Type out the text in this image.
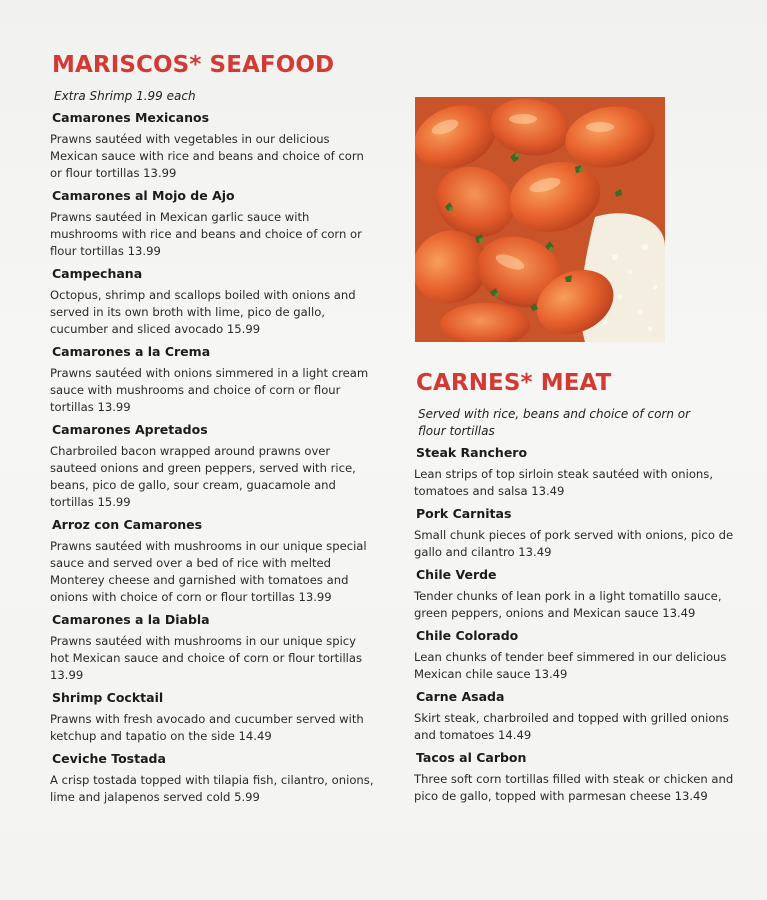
MARISCOS* SEAFOOD
Extra Shrimp 1.99 each
Camarones Mexicanos
Prawns sautéed with vegetables in our delicious Mexican sauce with rice and beans and choice of corn or flour tortillas 13.99
Camarones al Mojo de Ajo
Prawns sautéed in Mexican garlic sauce with mushrooms with rice and beans and choice of corn or flour tortillas 13.99
Campechana
Octopus, shrimp and scallops boiled with onions and served in its own broth with lime, pico de gallo, cucumber and sliced avocado 15.99
Camarones a la Crema
Prawns sautéed with onions simmered in a light cream sauce with mushrooms and choice of corn or flour tortillas 13.99
Camarones Apretados
Charbroiled bacon wrapped around prawns over sauteed onions and green peppers, served with rice, beans, pico de gallo, sour cream, guacamole and tortillas 15.99
Arroz con Camarones
Prawns sautéed with mushrooms in our unique special sauce and served over a bed of rice with melted Monterey cheese and garnished with tomatoes and onions with choice of corn or flour tortillas 13.99
Camarones a la Diabla
Prawns sautéed with mushrooms in our unique spicy hot Mexican sauce and choice of corn or flour tortillas 13.99
Shrimp Cocktail
Prawns with fresh avocado and cucumber served with ketchup and tapatio on the side 14.49
Ceviche Tostada
A crisp tostada topped with tilapia fish, cilantro, onions, lime and jalapenos served cold 5.99
CARNES* MEAT
Served with rice, beans and choice of corn or flour tortillas
Steak Ranchero
Lean strips of top sirloin steak sautéed with onions, tomatoes and salsa 13.49
Pork Carnitas
Small chunk pieces of pork served with onions, pico de gallo and cilantro 13.49
Chile Verde
Tender chunks of lean pork in a light tomatillo sauce, green peppers, onions and Mexican sauce 13.49
Chile Colorado
Lean chunks of tender beef simmered in our delicious Mexican chile sauce 13.49
Carne Asada
Skirt steak, charbroiled and topped with grilled onions and tomatoes 14.49
Tacos al Carbon
Three soft corn tortillas filled with steak or chicken and pico de gallo, topped with parmesan cheese 13.49
